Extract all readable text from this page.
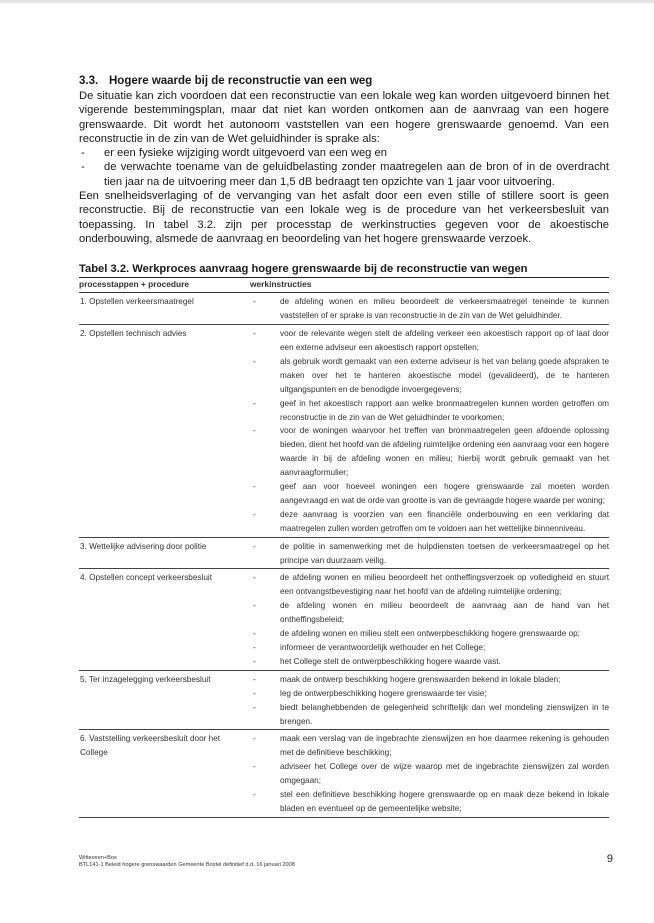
3.3. Hogere waarde bij de reconstructie van een weg

De situatie kan zich voordoen dat een reconstructie van een lokale weg kan worden uitgevoerd binnen het vigerende bestemmingsplan, maar dat niet kan worden ontkomen aan de aanvraag van een hogere grenswaarde. Dit wordt het autonoom vaststellen van een hogere grenswaarde genoemd. Van een reconstructie in de zin van de Wet geluidhinder is sprake als:

- er een fysieke wijziging wordt uitgevoerd van een weg en
- de verwachte toename van de geluidbelasting zonder maatregelen aan de bron of in de overdracht tien jaar na de uitvoering meer dan 1,5 dB bedraagt ten opzichte van 1 jaar voor uitvoering.

Een snelheidsverlaging of de vervanging van het asfalt door een even stille of stillere soort is geen reconstructie. Bij de reconstructie van een lokale weg is de procedure van het verkeersbesluit van toepassing. In tabel 3.2. zijn per processtap de werkinstructies gegeven voor de akoestische onderbouwing, alsmede de aanvraag en beoordeling van het hogere grenswaarde verzoek.

Tabel 3.2. Werkproces aanvraag hogere grenswaarde bij de reconstructie van wegen
processtappen + procedure	werkinstructies
1. Opstellen verkeersmaatregel	
-de afdeling wonen en milieu beoordeelt de verkeersmaatregel teneinde te kunnen vaststellen of er sprake is van reconstructie in de zin van de Wet geluidhinder.

2. Opstellen technisch advies	
-voor de relevante wegen stelt de afdeling verkeer een akoestisch rapport op of laat door een externe adviseur een akoestisch rapport opstellen;
- als gebruik wordt gemaakt van een externe adviseur is het van belang goede afspraken te maken over het te hanteren akoestische model (gevalideerd), de te hanteren uitgangspunten en de benodigde invoergegevens;
- geef in het akoestisch rapport aan welke bronmaatregelen kunnen worden getroffen om reconstructie in de zin van de Wet geluidhinder te voorkomen;
- voor de woningen waarvoor het treffen van bronmaatregelen geen afdoende oplossing bieden, dient het hoofd van de afdeling ruimtelijke ordening een aanvraag voor een hogere waarde in bij de afdeling wonen en milieu; hierbij wordt gebruik gemaakt van het aanvraagformulier;
- geef aan voor hoeveel woningen een hogere grenswaarde zal moeten worden aangevraagd en wat de orde van grootte is van de gevraagde hogere waarde per woning;
- deze aanvraag is voorzien van een financiële onderbouwing en een verklaring dat maatregelen zullen worden getroffen om te voldoen aan het wettelijke binnenniveau.

3. Wettelijke advisering door politie	
-de politie in samenwerking met de hulpdiensten toetsen de verkeersmaatregel op het principe van duurzaam veilig.

4. Opstellen concept verkeersbesluit	
-de afdeling wonen en milieu beoordeelt het ontheffingsverzoek op volledigheid en stuurt een ontvangstbevestiging naar het hoofd van de afdeling ruimtelijke ordening;
- de afdeling wonen en milieu beoordeelt de aanvraag aan de hand van het ontheffingsbeleid;
- de afdeling wonen en milieu stelt een ontwerpbeschikking hogere grenswaarde op;
- informeer de verantwoordelijk wethouder en het College;
- het College stelt de ontwerpbeschikking hogere waarde vast.

5. Ter inzagelegging verkeersbesluit	
-maak de ontwerp beschikking hogere grenswaarden bekend in lokale bladen;
- leg de ontwerpbeschikking hogere grenswaarde ter visie;
- biedt belanghebbenden de gelegenheid schriftelijk dan wel mondeling zienswijzen in te brengen.

6. Vaststelling verkeersbesluit door het College	
- maak een verslag van de ingebrachte zienswijzen en hoe daarmee rekening is gehouden met de definitieve beschikking;
- adviseer het College over de wijze waarop met de ingebrachte zienswijzen zal worden omgegaan;
- stel een definitieve beschikking hogere grenswaarde op en maak deze bekend in lokale bladen en eventueel op de gemeentelijke website;
Witteveen+Bos
BTL141-1 Beleid hogere grenswaarden Gemeente Boxtel definitief d.d. 16 januari 2008	9
